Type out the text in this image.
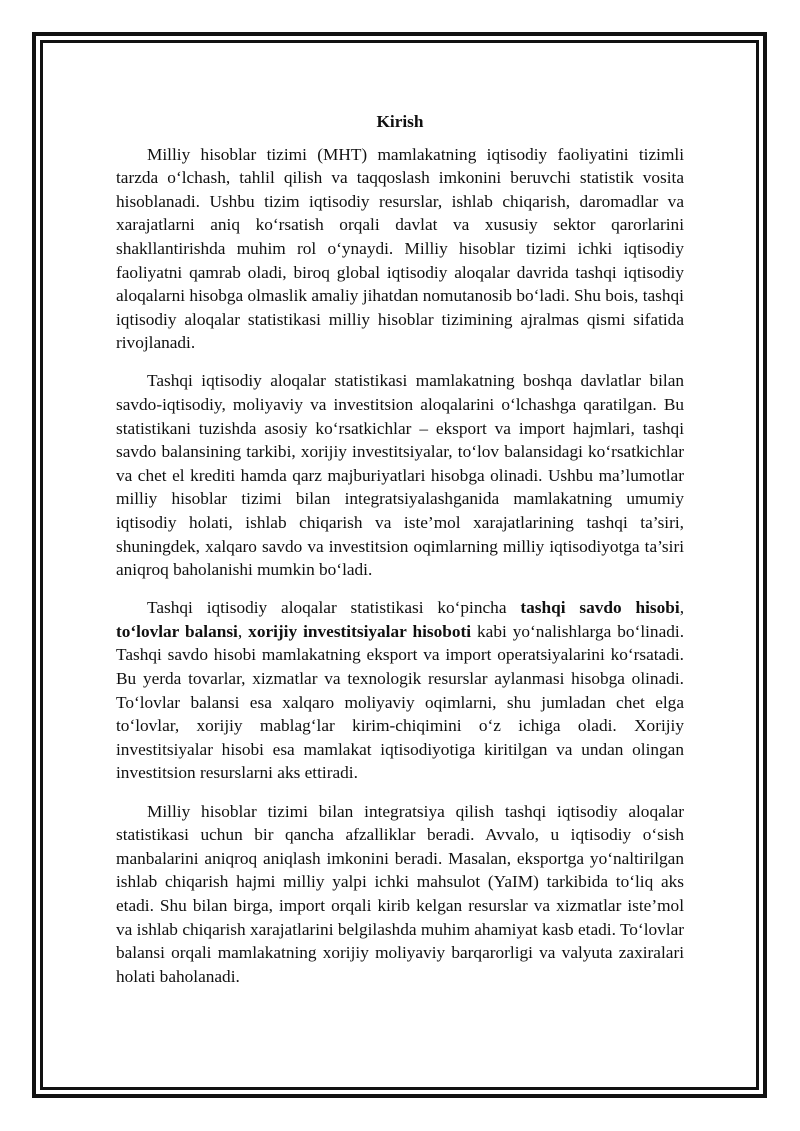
Kirish

Milliy hisoblar tizimi (MHT) mamlakatning iqtisodiy faoliyatini tizimli tarzda o‘lchash, tahlil qilish va taqqoslash imkonini beruvchi statistik vosita hisoblanadi. Ushbu tizim iqtisodiy resurslar, ishlab chiqarish, daromadlar va xarajatlarni aniq ko‘rsatish orqali davlat va xususiy sektor qarorlarini shakllantirishda muhim rol o‘ynaydi. Milliy hisoblar tizimi ichki iqtisodiy faoliyatni qamrab oladi, biroq global iqtisodiy aloqalar davrida tashqi iqtisodiy aloqalarni hisobga olmaslik amaliy jihatdan nomutanosib bo‘ladi. Shu bois, tashqi iqtisodiy aloqalar statistikasi milliy hisoblar tizimining ajralmas qismi sifatida rivojlanadi.

Tashqi iqtisodiy aloqalar statistikasi mamlakatning boshqa davlatlar bilan savdo-iqtisodiy, moliyaviy va investitsion aloqalarini o‘lchashga qaratilgan. Bu statistikani tuzishda asosiy ko‘rsatkichlar – eksport va import hajmlari, tashqi savdo balansining tarkibi, xorijiy investitsiyalar, to‘lov balansidagi ko‘rsatkichlar va chet el krediti hamda qarz majburiyatlari hisobga olinadi. Ushbu ma’lumotlar milliy hisoblar tizimi bilan integratsiyalashganida mamlakatning umumiy iqtisodiy holati, ishlab chiqarish va iste’mol xarajatlarining tashqi ta’siri, shuningdek, xalqaro savdo va investitsion oqimlarning milliy iqtisodiyotga ta’siri aniqroq baholanishi mumkin bo‘ladi.

Tashqi iqtisodiy aloqalar statistikasi ko‘pincha tashqi savdo hisobi, to‘lovlar balansi, xorijiy investitsiyalar hisoboti kabi yo‘nalishlarga bo‘linadi. Tashqi savdo hisobi mamlakatning eksport va import operatsiyalarini ko‘rsatadi. Bu yerda tovarlar, xizmatlar va texnologik resurslar aylanmasi hisobga olinadi. To‘lovlar balansi esa xalqaro moliyaviy oqimlarni, shu jumladan chet elga to‘lovlar, xorijiy mablag‘lar kirim-chiqimini o‘z ichiga oladi. Xorijiy investitsiyalar hisobi esa mamlakat iqtisodiyotiga kiritilgan va undan olingan investitsion resurslarni aks ettiradi.

Milliy hisoblar tizimi bilan integratsiya qilish tashqi iqtisodiy aloqalar statistikasi uchun bir qancha afzalliklar beradi. Avvalo, u iqtisodiy o‘sish manbalarini aniqroq aniqlash imkonini beradi. Masalan, eksportga yo‘naltirilgan ishlab chiqarish hajmi milliy yalpi ichki mahsulot (YaIM) tarkibida to‘liq aks etadi. Shu bilan birga, import orqali kirib kelgan resurslar va xizmatlar iste’mol va ishlab chiqarish xarajatlarini belgilashda muhim ahamiyat kasb etadi. To‘lovlar balansi orqali mamlakatning xorijiy moliyaviy barqarorligi va valyuta zaxiralari holati baholanadi.
